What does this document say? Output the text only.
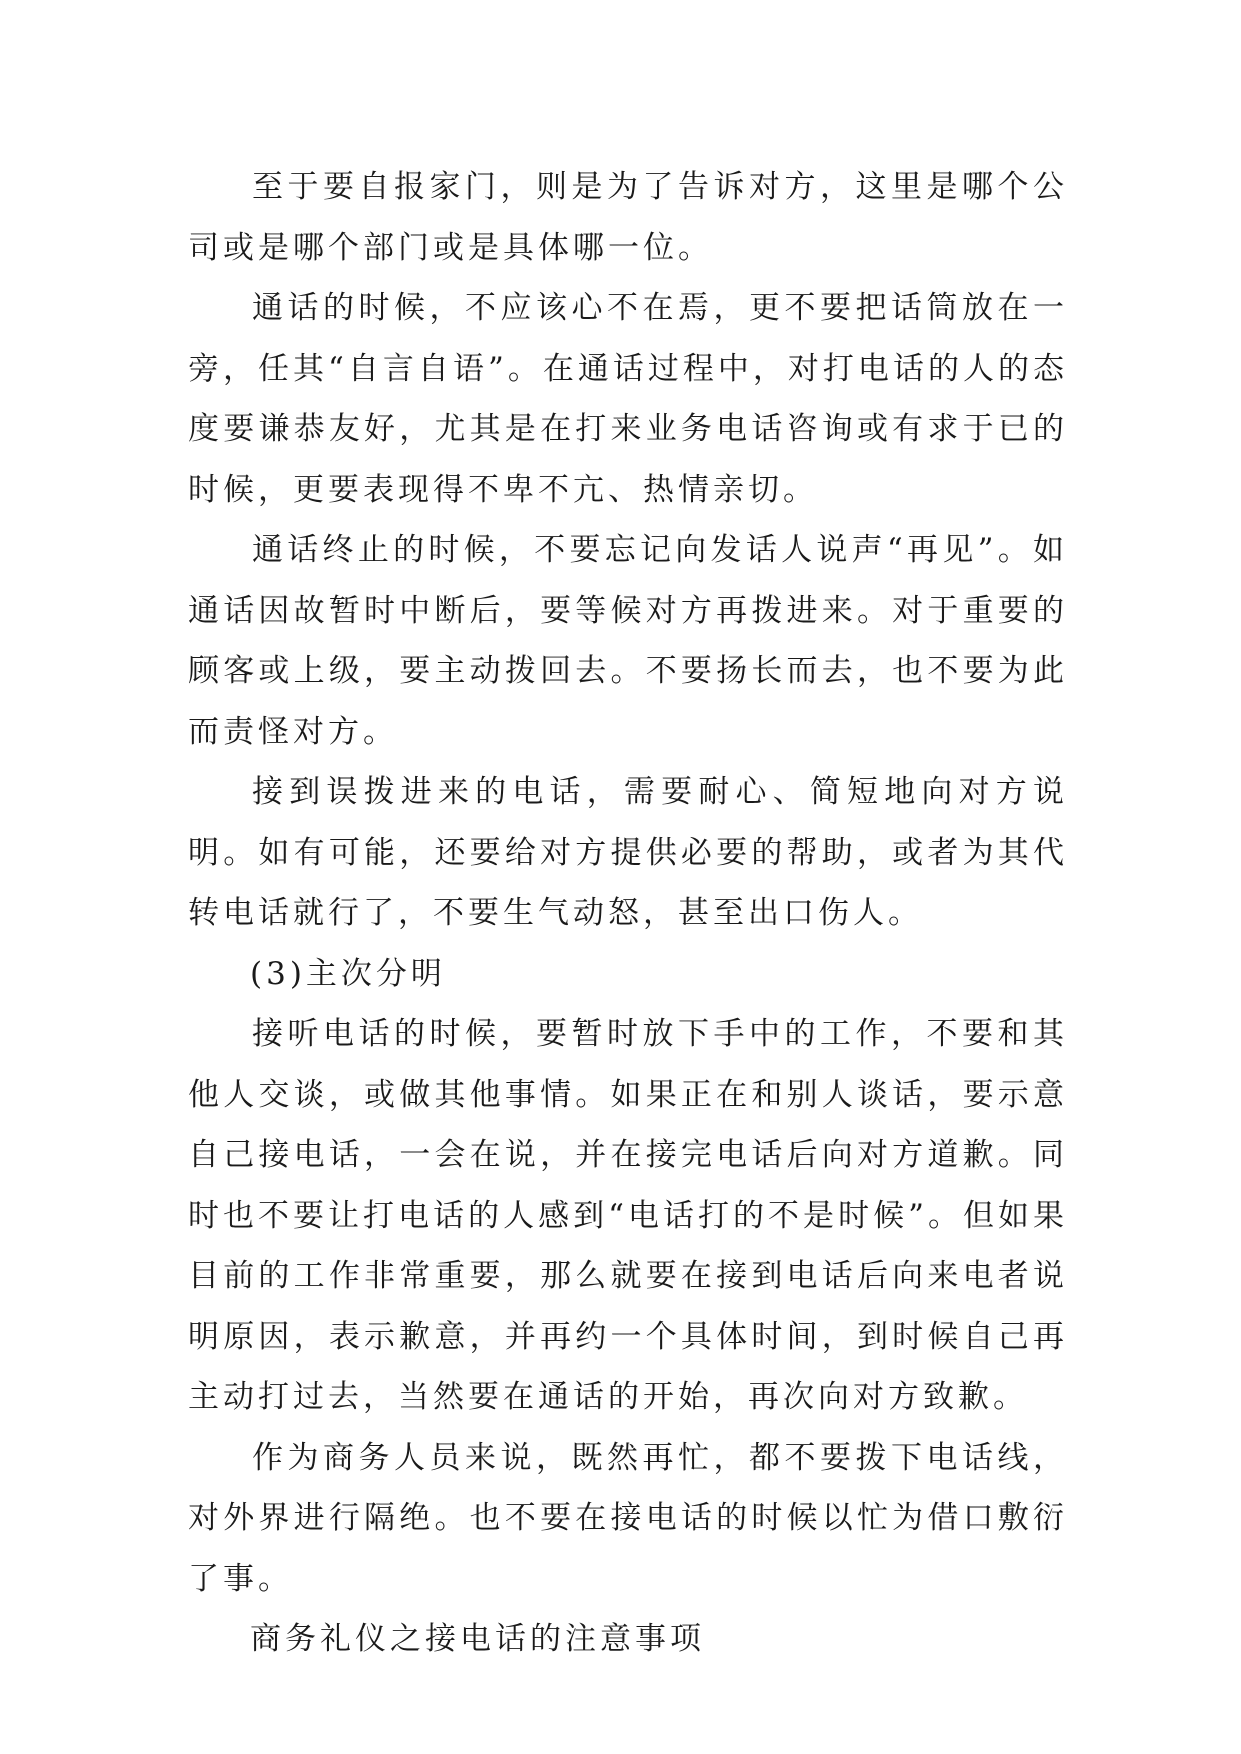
至于要自报家门，则是为了告诉对方，这里是哪个公司或是哪个部门或是具体哪一位。

通话的时候，不应该心不在焉，更不要把话筒放在一旁，任其“自言自语”。在通话过程中，对打电话的人的态度要谦恭友好，尤其是在打来业务电话咨询或有求于已的时候，更要表现得不卑不亢、热情亲切。

通话终止的时候，不要忘记向发话人说声“再见”。如通话因故暂时中断后，要等候对方再拨进来。对于重要的顾客或上级，要主动拨回去。不要扬长而去，也不要为此而责怪对方。

接到误拨进来的电话，需要耐心、简短地向对方说明。如有可能，还要给对方提供必要的帮助，或者为其代转电话就行了，不要生气动怒，甚至出口伤人。

(3)主次分明

接听电话的时候，要暂时放下手中的工作，不要和其他人交谈，或做其他事情。如果正在和别人谈话，要示意自己接电话，一会在说，并在接完电话后向对方道歉。同时也不要让打电话的人感到“电话打的不是时候”。但如果目前的工作非常重要，那么就要在接到电话后向来电者说明原因，表示歉意，并再约一个具体时间，到时候自己再主动打过去，当然要在通话的开始，再次向对方致歉。

作为商务人员来说，既然再忙，都不要拨下电话线，对外界进行隔绝。也不要在接电话的时候以忙为借口敷衍了事。

商务礼仪之接电话的注意事项
